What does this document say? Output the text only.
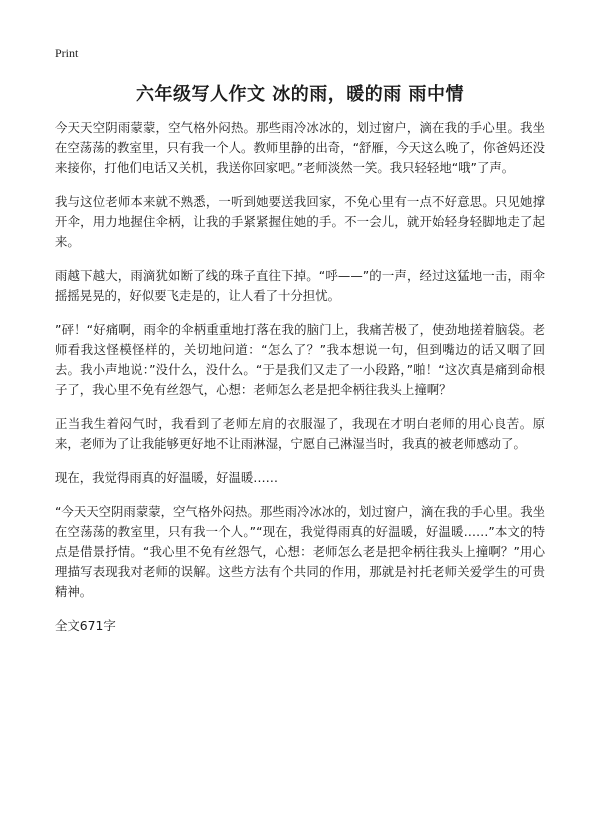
Print
六年级写人作文 冰的雨，暖的雨 雨中情

今天天空阴雨蒙蒙，空气格外闷热。那些雨冷冰冰的，划过窗户，滴在我的手心里。我坐在空荡荡的教室里，只有我一个人。教师里静的出奇，“舒雁，今天这么晚了，你爸妈还没来接你，打他们电话又关机，我送你回家吧。”老师淡然一笑。我只轻轻地“哦”了声。

我与这位老师本来就不熟悉，一听到她要送我回家，不免心里有一点不好意思。只见她撑开伞，用力地握住伞柄，让我的手紧紧握住她的手。不一会儿，就开始轻身轻脚地走了起来。

雨越下越大，雨滴犹如断了线的珠子直往下掉。“呼——”的一声，经过这猛地一击，雨伞摇摇晃晃的，好似要飞走是的，让人看了十分担忧。

”砰！“好痛啊，雨伞的伞柄重重地打落在我的脑门上，我痛苦极了，使劲地搓着脑袋。老师看我这怪模怪样的，关切地问道：“怎么了？”我本想说一句，但到嘴边的话又咽了回去。我小声地说：”没什么，没什么。“于是我们又走了一小段路，”啪！“这次真是痛到命根子了，我心里不免有丝怨气，心想：老师怎么老是把伞柄往我头上撞啊？

正当我生着闷气时，我看到了老师左肩的衣服湿了，我现在才明白老师的用心良苦。原来，老师为了让我能够更好地不让雨淋湿，宁愿自己淋湿当时，我真的被老师感动了。

现在，我觉得雨真的好温暖，好温暖……

“今天天空阴雨蒙蒙，空气格外闷热。那些雨冷冰冰的，划过窗户，滴在我的手心里。我坐在空荡荡的教室里，只有我一个人。”“现在，我觉得雨真的好温暖，好温暖……”本文的特点是借景抒情。“我心里不免有丝怨气，心想：老师怎么老是把伞柄往我头上撞啊？”用心理描写表现我对老师的误解。这些方法有个共同的作用，那就是衬托老师关爱学生的可贵精神。

全文671字
